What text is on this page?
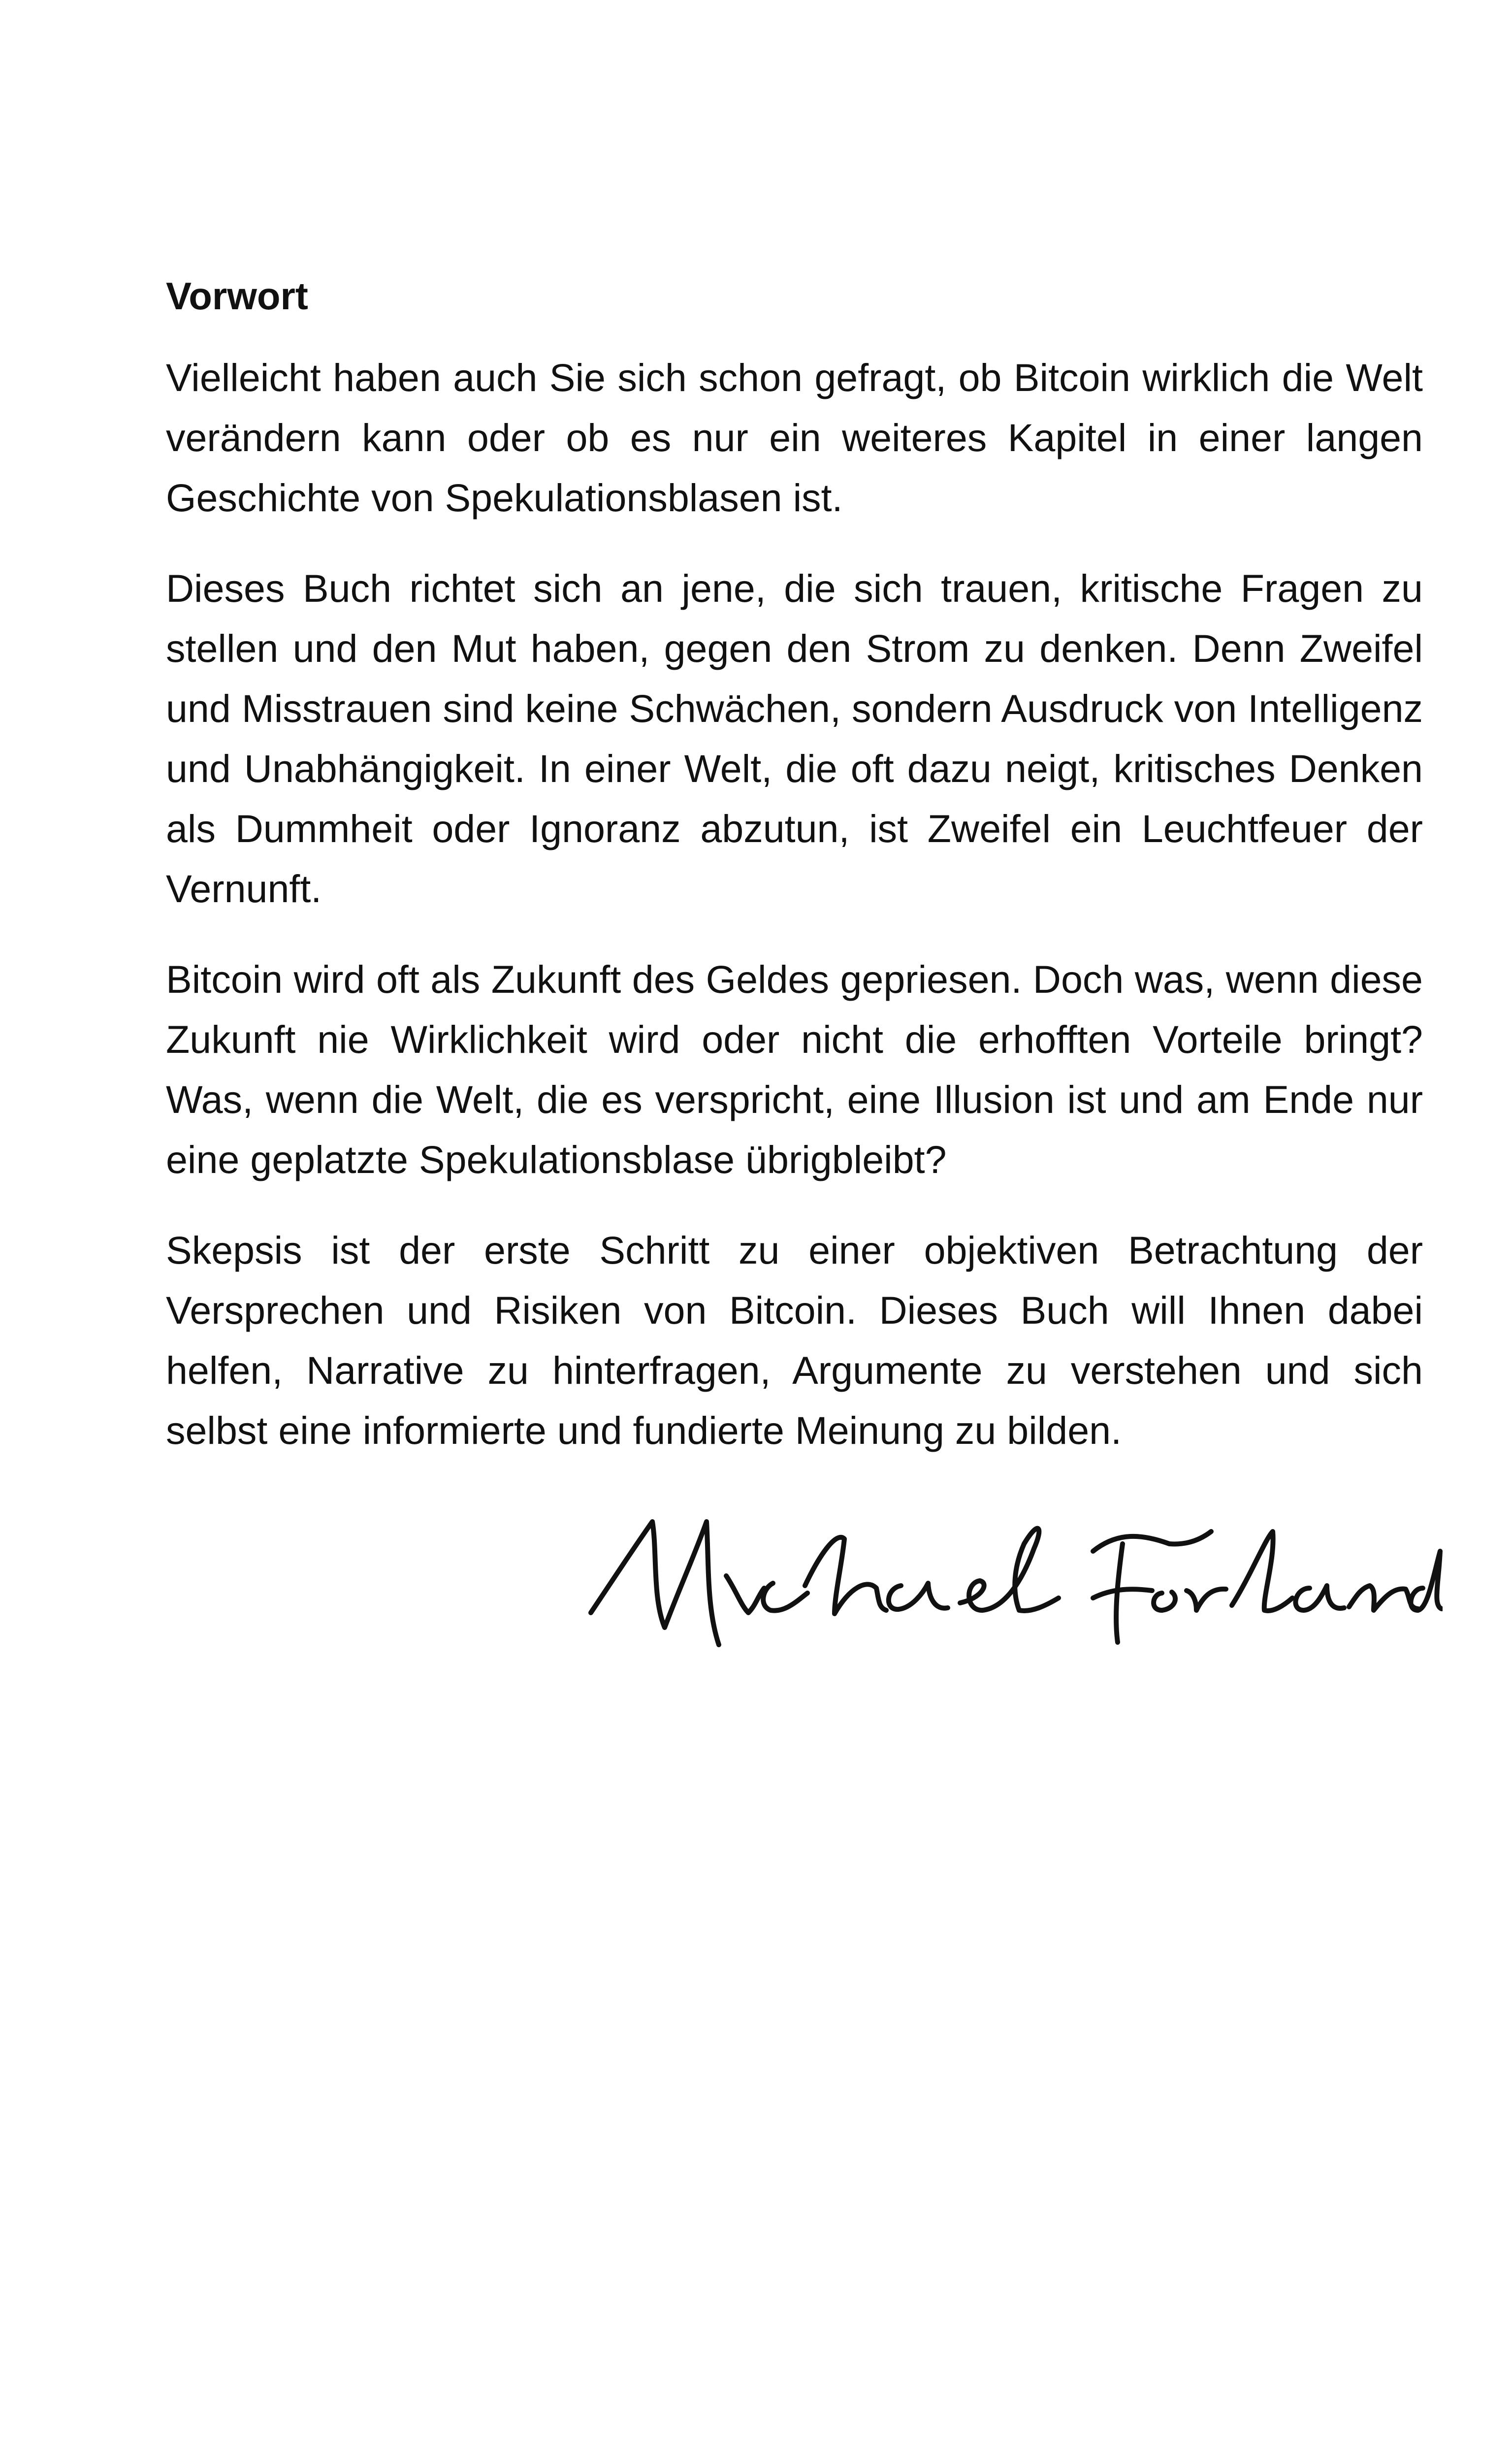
Vorwort

Vielleicht haben auch Sie sich schon gefragt, ob Bitcoin wirklich die Welt verändern kann oder ob es nur ein weiteres Kapitel in einer langen Geschichte von Spekulationsblasen ist.

Dieses Buch richtet sich an jene, die sich trauen, kritische Fragen zu stellen und den Mut haben, gegen den Strom zu denken. Denn Zweifel und Misstrauen sind keine Schwächen, sondern Ausdruck von Intelligenz und Unabhängigkeit. In einer Welt, die oft dazu neigt, kritisches Denken als Dummheit oder Ignoranz abzutun, ist Zweifel ein Leuchtfeuer der Vernunft.

Bitcoin wird oft als Zukunft des Geldes gepriesen. Doch was, wenn diese Zukunft nie Wirklichkeit wird oder nicht die erhofften Vorteile bringt? Was, wenn die Welt, die es verspricht, eine Illusion ist und am Ende nur eine geplatzte Spekulationsblase übrigbleibt?

Skepsis ist der erste Schritt zu einer objektiven Betrachtung der Versprechen und Risiken von Bitcoin. Dieses Buch will Ihnen dabei helfen, Narrative zu hinterfragen, Argumente zu verstehen und sich selbst eine informierte und fundierte Meinung zu bilden.
